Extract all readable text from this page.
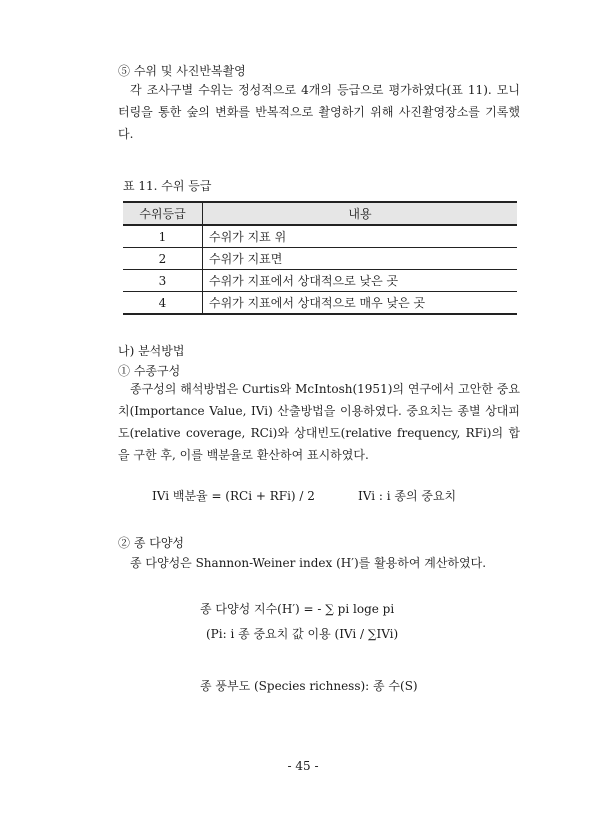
⑤ 수위 및 사진반복촬영
각 조사구별 수위는 정성적으로 4개의 등급으로 평가하였다(표 11). 모니터링을 통한 숲의 변화를 반복적으로 촬영하기 위해 사진촬영장소를 기록했다.
표 11. 수위 등급
수위등급	내용
1	수위가 지표 위
2	수위가 지표면
3	수위가 지표에서 상대적으로 낮은 곳
4	수위가 지표에서 상대적으로 매우 낮은 곳
나) 분석방법
① 수종구성
종구성의 해석방법은 Curtis와 McIntosh(1951)의 연구에서 고안한 중요치(Importance Value, IVi) 산출방법을 이용하였다. 중요치는 종별 상대피도(relative coverage, RCi)와 상대빈도(relative frequency, RFi)의 합을 구한 후, 이를 백분율로 환산하여 표시하였다.
IVi 백분율 = (RCi + RFi) / 2	IVi : i 종의 중요치
② 종 다양성
종 다양성은 Shannon-Weiner index (H′)를 활용하여 계산하였다.
종 다양성 지수(H′) = - ∑ pi loge pi
(Pi: i 종 중요치 값 이용 (IVi / ∑IVi)
종 풍부도 (Species richness): 종 수(S)
- 45 -
